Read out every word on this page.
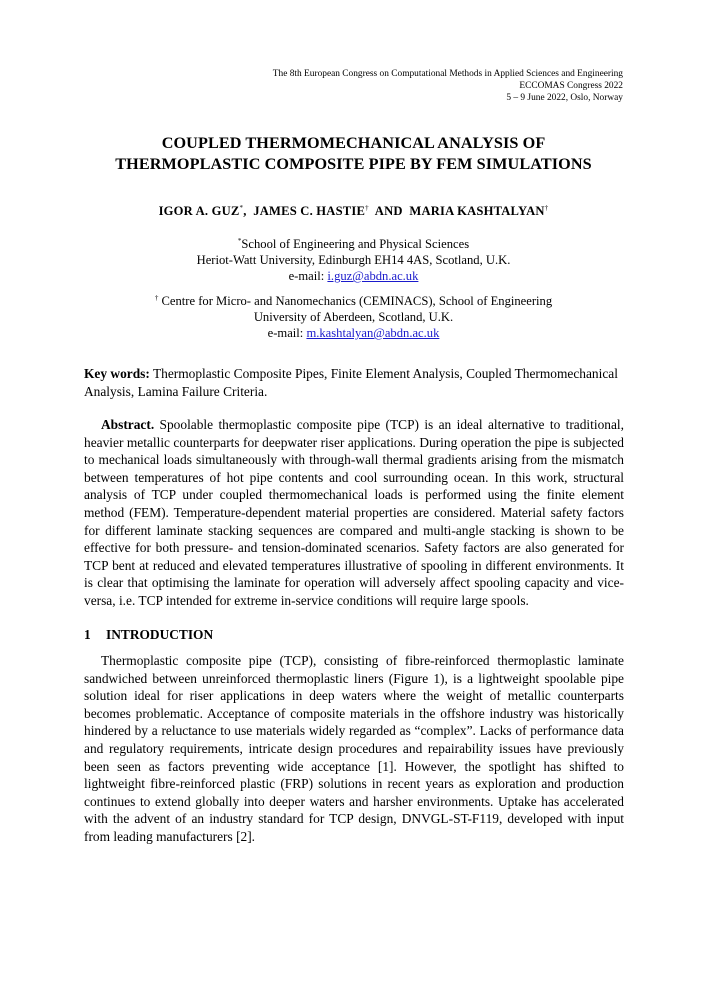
The 8th European Congress on Computational Methods in Applied Sciences and Engineering
ECCOMAS Congress 2022
5 – 9 June 2022, Oslo, Norway
COUPLED THERMOMECHANICAL ANALYSIS OF
THERMOPLASTIC COMPOSITE PIPE BY FEM SIMULATIONS
IGOR A. GUZ*,  JAMES C. HASTIE†  AND  MARIA KASHTALYAN†
*School of Engineering and Physical Sciences
Heriot-Watt University, Edinburgh EH14 4AS, Scotland, U.K.
e-mail: i.guz@abdn.ac.uk
† Centre for Micro- and Nanomechanics (CEMINACS), School of Engineering
University of Aberdeen, Scotland, U.K.
e-mail: m.kashtalyan@abdn.ac.uk
Key words: Thermoplastic Composite Pipes, Finite Element Analysis, Coupled Thermomechanical Analysis, Lamina Failure Criteria.
Abstract. Spoolable thermoplastic composite pipe (TCP) is an ideal alternative to traditional, heavier metallic counterparts for deepwater riser applications. During operation the pipe is subjected to mechanical loads simultaneously with through-wall thermal gradients arising from the mismatch between temperatures of hot pipe contents and cool surrounding ocean. In this work, structural analysis of TCP under coupled thermomechanical loads is performed using the finite element method (FEM). Temperature-dependent material properties are considered. Material safety factors for different laminate stacking sequences are compared and multi-angle stacking is shown to be effective for both pressure- and tension-dominated scenarios. Safety factors are also generated for TCP bent at reduced and elevated temperatures illustrative of spooling in different environments. It is clear that optimising the laminate for operation will adversely affect spooling capacity and vice-versa, i.e. TCP intended for extreme in-service conditions will require large spools.
1 INTRODUCTION
Thermoplastic composite pipe (TCP), consisting of fibre-reinforced thermoplastic laminate sandwiched between unreinforced thermoplastic liners (Figure 1), is a lightweight spoolable pipe solution ideal for riser applications in deep waters where the weight of metallic counterparts becomes problematic. Acceptance of composite materials in the offshore industry was historically hindered by a reluctance to use materials widely regarded as “complex”. Lacks of performance data and regulatory requirements, intricate design procedures and repairability issues have previously been seen as factors preventing wide acceptance [1]. However, the spotlight has shifted to lightweight fibre-reinforced plastic (FRP) solutions in recent years as exploration and production continues to extend globally into deeper waters and harsher environments. Uptake has accelerated with the advent of an industry standard for TCP design, DNVGL-ST-F119, developed with input from leading manufacturers [2].
